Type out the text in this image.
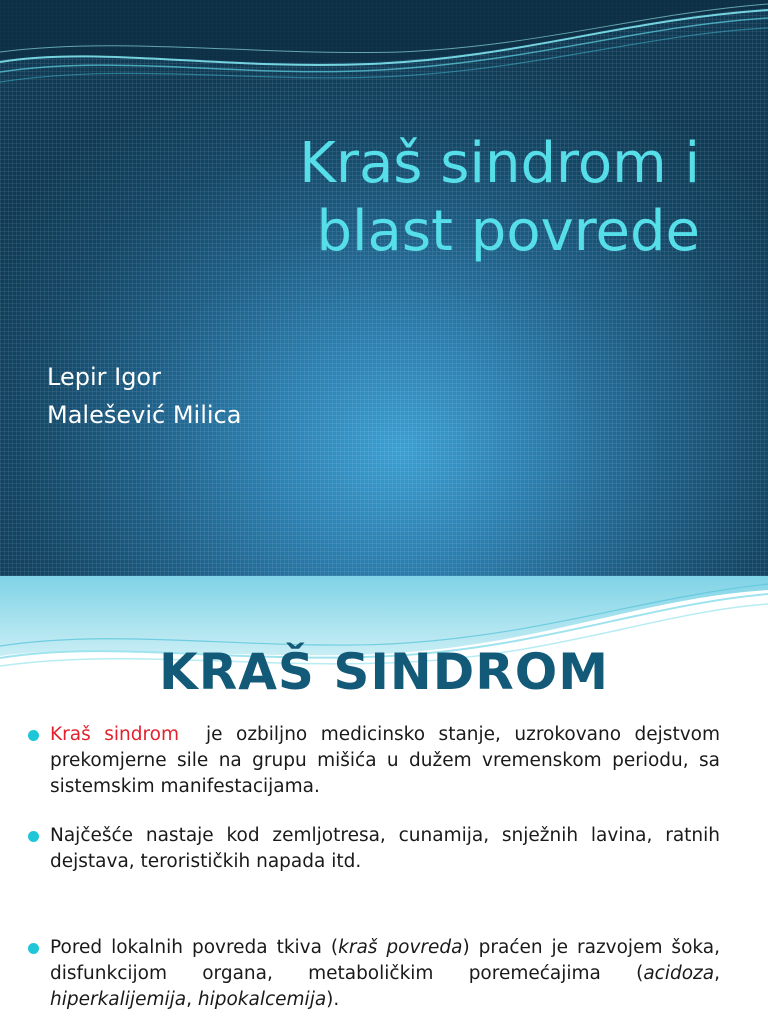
Kraš sindrom i
blast povrede
Lepir Igor
Malešević Milica
KRAŠ SINDROM
Kraš sindrom  je ozbiljno medicinsko stanje, uzrokovano dejstvom prekomjerne sile na grupu mišića u dužem vremenskom periodu, sa sistemskim manifestacijama.
Najčešće nastaje kod zemljotresa, cunamija, snježnih lavina, ratnih dejstava, terorističkih napada itd.
Pored lokalnih povreda tkiva (kraš povreda) praćen je razvojem šoka, disfunkcijom organa, metaboličkim poremećajima (acidoza, hiperkalijemija, hipokalcemija).
